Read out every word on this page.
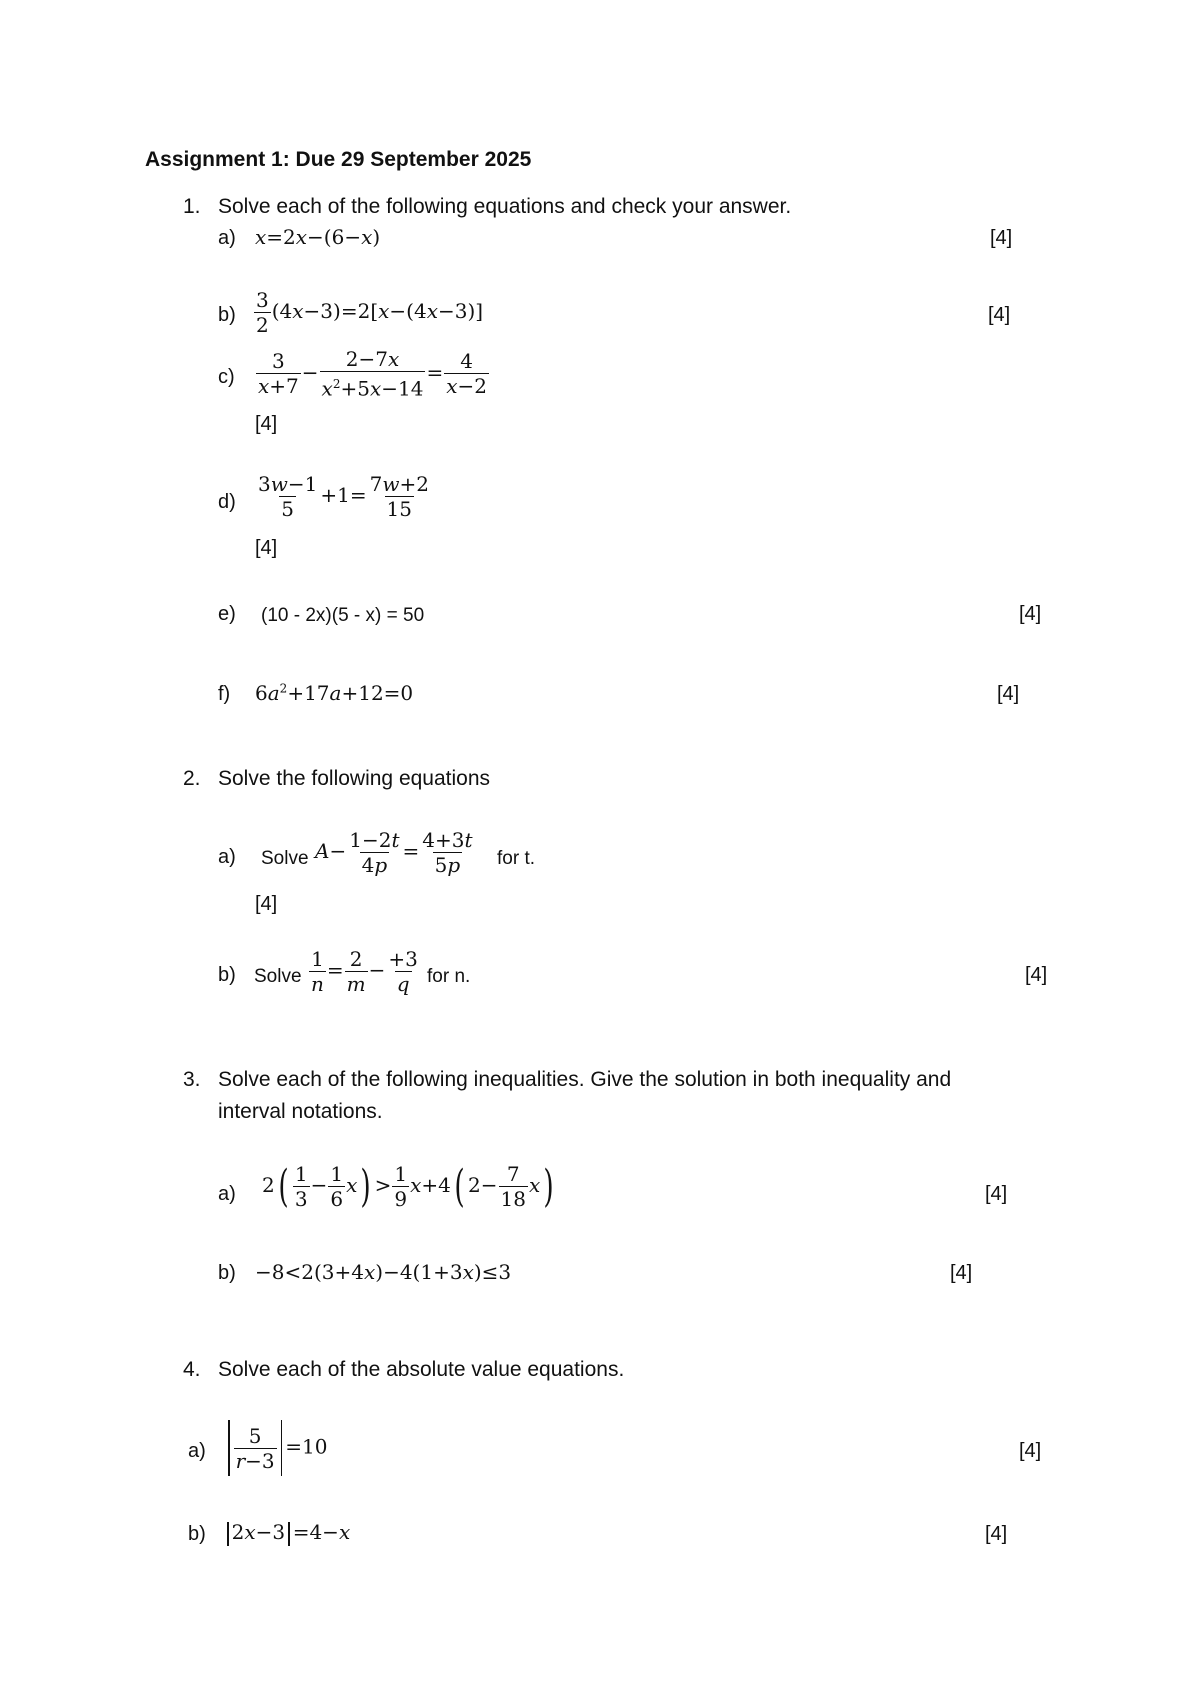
Assignment 1: Due 29 September 2025
1. Solve each of the following equations and check your answer.
a) x=2x−(6−x)	[4]
$b) \frac{3}{2} (4x-3)=2[x-(4x-3)]$	[4]
$c) \frac{3}{x+7} - \frac{2-7x}{x^2+5x-14} = \frac{4}{x-2}$
[4]
$d) \frac{3w-1}{5} +1= \frac{7w+2}{15}$
[4]
e) (10 - 2x)(5 - x) = 50	[4]
f) $6a^2+17a+12=0$	[4]
2. Solve the following equations
a) Solve $A- \frac{1-2t}{4p} = \frac{4+3t}{5p}$ for t.
[4]
b) Solve $\frac{1}{n} = \frac{2}{m} - \frac{+3}{q}$ for n.	[4]
3. Solve each of the following inequalities. Give the solution in both inequality and
interval notations.
a) $2( \frac{1}{3} - \frac{1}{6} x) > \frac{1}{9} x+4$( $2- \frac{7}{18} x$)	[4]
b) −8<2(3+4x)−4(1+3x)≤3	[4]
4. Solve each of the absolute value equations.
$a) \frac{5}{r-3} =10$	[4]
b)	2x−3 =4−x	[4]
